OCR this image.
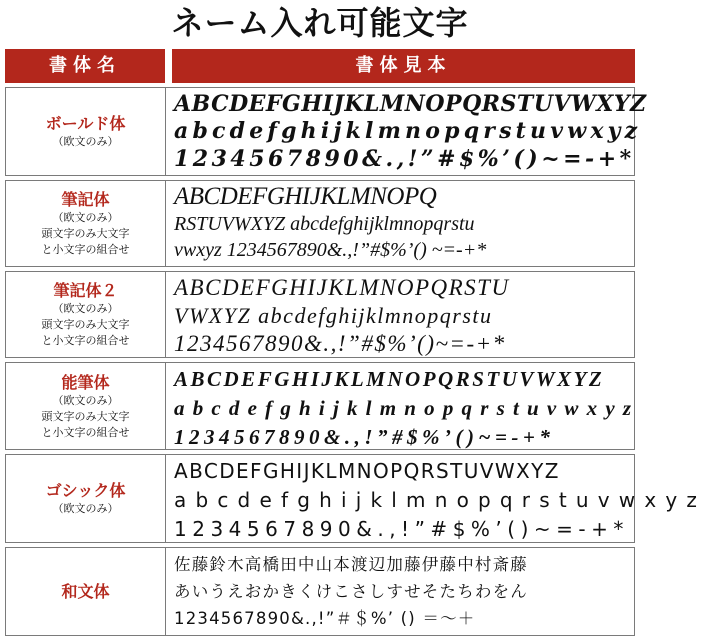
ネーム入れ可能文字
書体名	書体見本
ボールド体
（欧文のみ）
ABCDEFGHIJKLMNOPQRSTUVWXYZ
abcdefghijklmnopqrstuvwxyz
1234567890&.,!”#$%’()~=-+*
筆記体
（欧文のみ）
頭文字のみ大文字
と小文字の組合せ
ABCDEFGHIJKLMNOPQ
RSTUVWXYZ abcdefghijklmnopqrstu
vwxyz 1234567890&.,!”#$%’() ~=-+*
筆記体２
（欧文のみ）
頭文字のみ大文字
と小文字の組合せ
ABCDEFGHIJKLMNOPQRSTU
VWXYZ abcdefghijklmnopqrstu
1234567890&.,!”#$%’()~=-+*
能筆体
（欧文のみ）
頭文字のみ大文字
と小文字の組合せ
ABCDEFGHIJKLMNOPQRSTUVWXYZ
abcdefghijklmnopqrstuvwxyz
1234567890&.,!”#$%’()~=-+*
ゴシック体
（欧文のみ）
ABCDEFGHIJKLMNOPQRSTUVWXYZ
abcdefghijklmnopqrstuvwxyz
1234567890&.,!”#$%’()~=-+*
和文体
佐藤鈴木高橋田中山本渡辺加藤伊藤中村斎藤
あいうえおかきくけこさしすせそたちわをん
1234567890&.,!”＃＄%’ () ＝～＋
